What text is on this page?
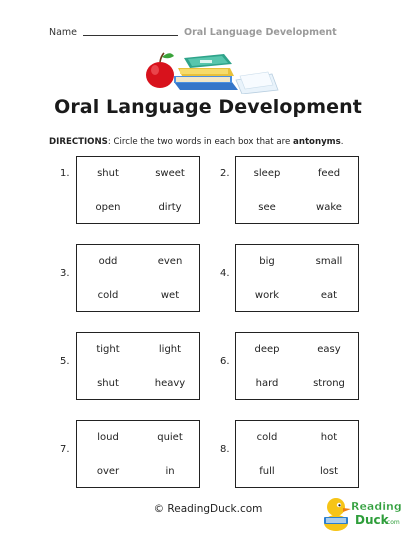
Name	Oral Language Development
Oral Language Development
DIRECTIONS: Circle the two words in each box that are antonyms.
1.	shut	sweet
open	dirty
2.	sleep	feed
see	wake
3.
odd	even
cold	wet
4.
big	small
work	eat
5.
tight	light
shut	heavy
6.
deep	easy
hard	strong
7.
loud	quiet
over	in
8.
cold	hot
full	lost
© ReadingDuck.com	Reading
Duck
.com
